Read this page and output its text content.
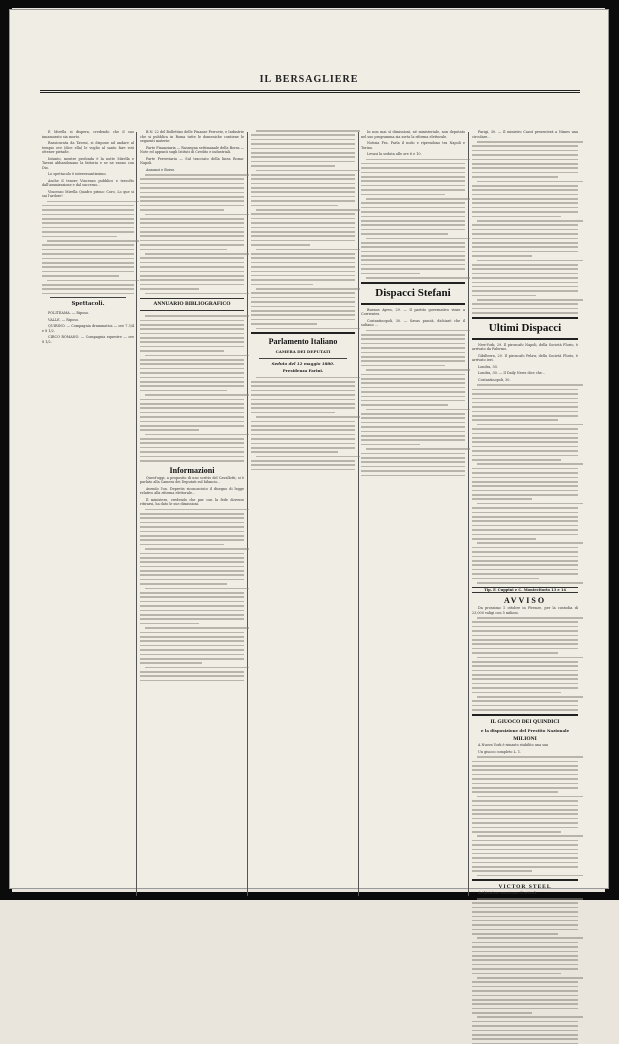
IL BERSAGLIERE

E Mirella si dispera, credendo che il suo innamorato sia morto.

Rassicurata da Taveni, si dispone ad andare al tempio ove (dice ella) le voglio al santo fare voti ottener pietade.

Intanto, mentre profonda è la notte Mirella e Taveni abbandonano la fattoria e se ne vanno con Dio.

Lo spettacolo è interessantissimo.

Anche il tenore Vincenzo pubblico e travolto dall'ammirazione e dal successo...

Vincenzo Mirella Quadro primo: Coro, Lo que si sai l'ardore!

Spettacoli.

POLITEAMA. — Riposo.

VALLE. — Riposo.

QUIRINO. — Compagnia drammatica — ore 7 3/4 e 8 1/2.

CIRCO ROMANO. — Compagnia equestre — ore 8 1/2.

B.N. 22 del Bollettino delle Finanze Ferrovie, e Industrie che si pubblica in Roma tutte le domeniche contiene le seguenti materie:

Parte Finanziaria — Rassegna settimanale della Borsa — Note ed appunti sugli Istituti di Credito e industriali.

Parte Ferroviaria — Sul tracciato della linea Roma-Napoli.

Annunzi e Borse.

ANNUARIO BIBLIOGRAFICO
Informazioni

Quest'oggi, a proposito di uno scritto del Cavallotti, si è parlato alla Camera dei Deputati sul bilancio...

Avendo l'on. Depretis riconosciuto il disegno di legge relativo alla riforma elettorale...

Il ministero, credendo che pur con la fede dovesse ritirarsi, ha dato le sue dimissioni.

Parlamento Italiano
CAMERA DEI DEPUTATI
Seduta del 12 maggio 1880.
Presidenza Farini.

In non mai sì dimissioni, né ministeriale, non deputato nel suo programma sia sorta la riforma elettorale.

Notizia Fra. Parla il nodo e riprendono tra Napoli e Torino.

Levasi la seduta alle ore 6 e 10.

Dispacci Stefani

Buenos Ayres, 29. — Il partito governativo vinse a Corrientes.

Costantinopoli, 30. — Savas pascià, dichiarò che il sultano ...

Parigi, 30. — Il ministro Cazot presenterà a Nimes una circolare...

Ultimi Dispacci

New-York, 29. Il piroscafo Napoli, della Società Florio, è arrivato da Palermo.

Gibilterra, 29. Il piroscafo Pelaw, della Società Florio, è arrivato ieri.

Londra, 30.

Londra, 30. — Il Daily News dice che...

Costantinopoli, 30.

Tip. F. Cuppini e C. Montecitorio 13 e 14
AVVISO

Da prossimo 1 ottobre in Firenze, per la custodia di 23,000 valigi con 5 milioni.

IL GIUOCO DEI QUINDICI
e la disposizione del Prestito Nazionale
MILIONI

A Nuova York è rimasto stabilito una sua

Un giuoco completo L. 1.

VICTOR STEEL

Archiviatore americano di articoli...
